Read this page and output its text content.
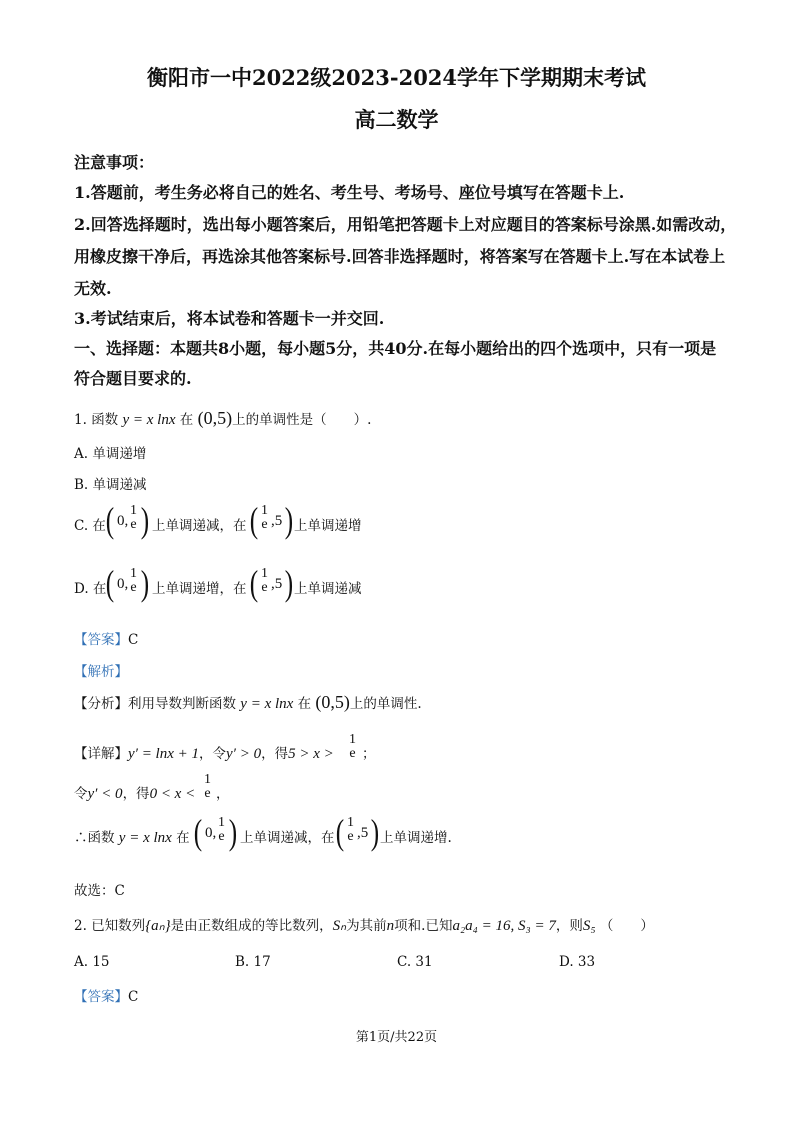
衡阳市一中2022级2023-2024学年下学期期末考试
高二数学
注意事项：
1.答题前，考生务必将自己的姓名、考生号、考场号、座位号填写在答题卡上.
2.回答选择题时，选出每小题答案后，用铅笔把答题卡上对应题目的答案标号涂黑.如需改动，
用橡皮擦干净后，再选涂其他答案标号.回答非选择题时，将答案写在答题卡上.写在本试卷上
无效.
3.考试结束后，将本试卷和答题卡一并交回.
一、选择题：本题共8小题，每小题5分，共40分.在每小题给出的四个选项中，只有一项是
符合题目要求的.
1. 函数 y = x lnx 在 (0,5)上的单调性是（　　）.
A. 单调递增
B. 单调递减
C. 在 ( 0,
1
e ) 上单调递减，在 ( 1
e ,5 ) 上单调递增
D. 在 ( 0,
1
e ) 上单调递增，在 ( 1
e ,5 ) 上单调递减
【答案】C
【解析】
【分析】利用导数判断函数 y = x lnx 在 (0,5)上的单调性.
【详解】y′ = lnx + 1，令y′ > 0，得5 > x >
1
e ；
令y′ < 0，得0 < x <
1
e ，
∴函数 y = x lnx 在 ( 0,
1
e ) 上单调递减，在 ( 1
e ,5 ) 上单调递增.
故选：C
2. 已知数列{aₙ}是由正数组成的等比数列，Sₙ为其前n项和.已知a₂a₄ = 16, S₃ = 7，则S₅ （　　）
A. 15	B. 17	C. 31	D. 33
【答案】C
第1页/共22页
